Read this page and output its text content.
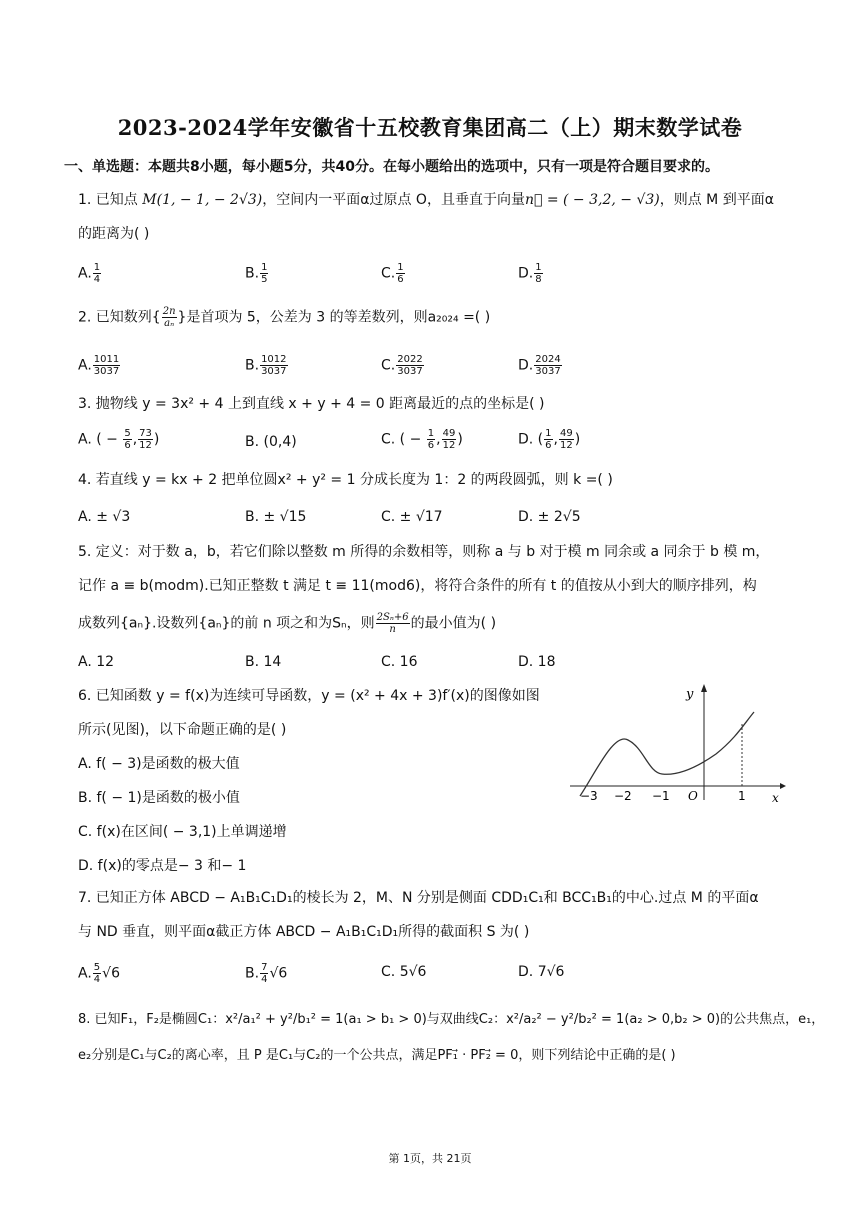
2023-2024学年安徽省十五校教育集团高二（上）期末数学试卷
一、单选题：本题共8小题，每小题5分，共40分。在每小题给出的选项中，只有一项是符合题目要求的。
1. 已知点 M(1, − 1, − 2√3)，空间内一平面α过原点 O，且垂直于向量n⃗ = ( − 3,2, − √3)，则点 M 到平面α
的距离为( )
A. $\frac{1}{4}$	B. $\frac{1}{5}$	C. $\frac{1}{6}$	D. $\frac{1}{8}$
2. 已知数列{ $\frac{2n}{\text{aₙ}}$ }是首项为 5，公差为 3 的等差数列，则a₂₀₂₄ =( )
A. $\frac{1011}{3037}$	B. $\frac{1012}{3037}$	C. $\frac{2022}{3037}$	D. $\frac{2024}{3037}$
3. 抛物线 y = 3x² + 4 上到直线 x + y + 4 = 0 距离最近的点的坐标是( )
A. ( − $\frac{5}{6}$ , $\frac{73}{12}$ )	B. (0,4)	C. ( − $\frac{1}{6}$ , $\frac{49}{12}$ )	D. ( $\frac{1}{6}$ , $\frac{49}{12}$ )
4. 若直线 y = kx + 2 把单位圆x² + y² = 1 分成长度为 1：2 的两段圆弧，则 k =( )
A. ± √3	B. ± √15	C. ± √17	D. ± 2√5
5. 定义：对于数 a，b，若它们除以整数 m 所得的余数相等，则称 a 与 b 对于模 m 同余或 a 同余于 b 模 m，
记作 a ≡ b(modm).已知正整数 t 满足 t ≡ 11(mod6)，将符合条件的所有 t 的值按从小到大的顺序排列，构
成数列{aₙ}.设数列{aₙ}的前 n 项之和为Sₙ，则 $\frac{\text{2Sₙ+6}}{n}$ 的最小值为( )
A. 12	B. 14	C. 16	D. 18
6. 已知函数 y = f(x)为连续可导函数，y = (x² + 4x + 3)f′(x)的图像如图
所示(见图)，以下命题正确的是( )
A. f( − 3)是函数的极大值
B. f( − 1)是函数的极小值
C. f(x)在区间( − 3,1)上单调递增
D. f(x)的零点是− 3 和− 1
y
x
O
−3 −2 −1	1
7. 已知正方体 ABCD − A₁B₁C₁D₁的棱长为 2，M、N 分别是侧面 CDD₁C₁和 BCC₁B₁的中心.过点 M 的平面α
与 ND 垂直，则平面α截正方体 ABCD − A₁B₁C₁D₁所得的截面积 S 为( )
A. $\frac{5}{4} √6$	B. $\frac{7}{4} √6$	C. 5√6	D. 7√6
8. 已知F₁，F₂是椭圆C₁：x²/a₁² + y²/b₁² = 1(a₁ > b₁ > 0)与双曲线C₂：x²/a₂² − y²/b₂² = 1(a₂ > 0,b₂ > 0)的公共焦点，e₁，
e₂分别是C₁与C₂的离心率，且 P 是C₁与C₂的一个公共点，满足PF₁⃗ · PF₂⃗ = 0，则下列结论中正确的是( )
第 1页，共 21页
